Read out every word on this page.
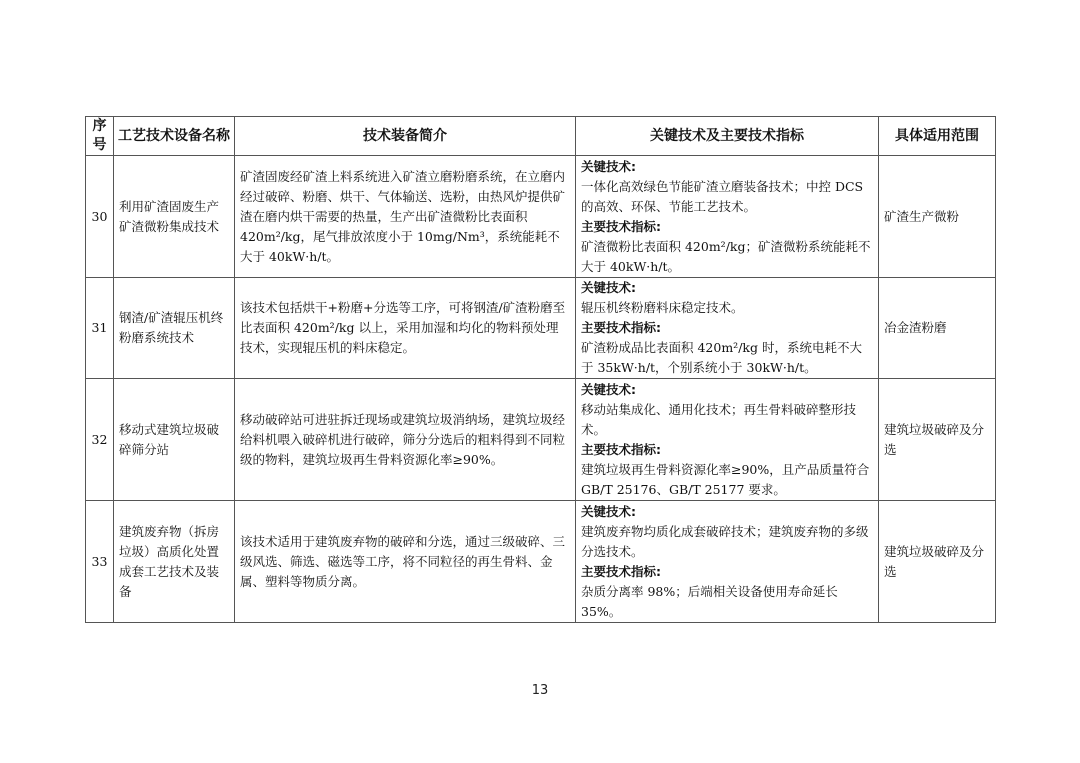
序号	工艺技术设备名称	技术装备简介	关键技术及主要技术指标	具体适用范围
30	利用矿渣固废生产矿渣微粉集成技术	矿渣固废经矿渣上料系统进入矿渣立磨粉磨系统，在立磨内经过破碎、粉磨、烘干、气体输送、选粉，由热风炉提供矿渣在磨内烘干需要的热量，生产出矿渣微粉比表面积 420m²/kg，尾气排放浓度小于 10mg/Nm³，系统能耗不大于 40kW·h/t。	关键技术:
一体化高效绿色节能矿渣立磨装备技术；中控 DCS 的高效、环保、节能工艺技术。
主要技术指标:
矿渣微粉比表面积 420m²/kg；矿渣微粉系统能耗不大于 40kW·h/t。	矿渣生产微粉
31	钢渣/矿渣辊压机终粉磨系统技术	该技术包括烘干+粉磨+分选等工序，可将钢渣/矿渣粉磨至比表面积 420m²/kg 以上，采用加湿和均化的物料预处理技术，实现辊压机的料床稳定。	关键技术:
辊压机终粉磨料床稳定技术。
主要技术指标:
矿渣粉成品比表面积 420m²/kg 时，系统电耗不大于 35kW·h/t，个别系统小于 30kW·h/t。	冶金渣粉磨
32	移动式建筑垃圾破碎筛分站	移动破碎站可进驻拆迁现场或建筑垃圾消纳场，建筑垃圾经给料机喂入破碎机进行破碎，筛分分选后的粗料得到不同粒级的物料，建筑垃圾再生骨料资源化率≥90%。	关键技术:
移动站集成化、通用化技术；再生骨料破碎整形技术。
主要技术指标:
建筑垃圾再生骨料资源化率≥90%，且产品质量符合 GB/T 25176、GB/T 25177 要求。	建筑垃圾破碎及分选
33	建筑废弃物（拆房垃圾）高质化处置成套工艺技术及装备	该技术适用于建筑废弃物的破碎和分选，通过三级破碎、三级风选、筛选、磁选等工序，将不同粒径的再生骨料、金属、塑料等物质分离。	关键技术:
建筑废弃物均质化成套破碎技术；建筑废弃物的多级分选技术。
主要技术指标:
杂质分离率 98%；后端相关设备使用寿命延长 35%。	建筑垃圾破碎及分选
13
